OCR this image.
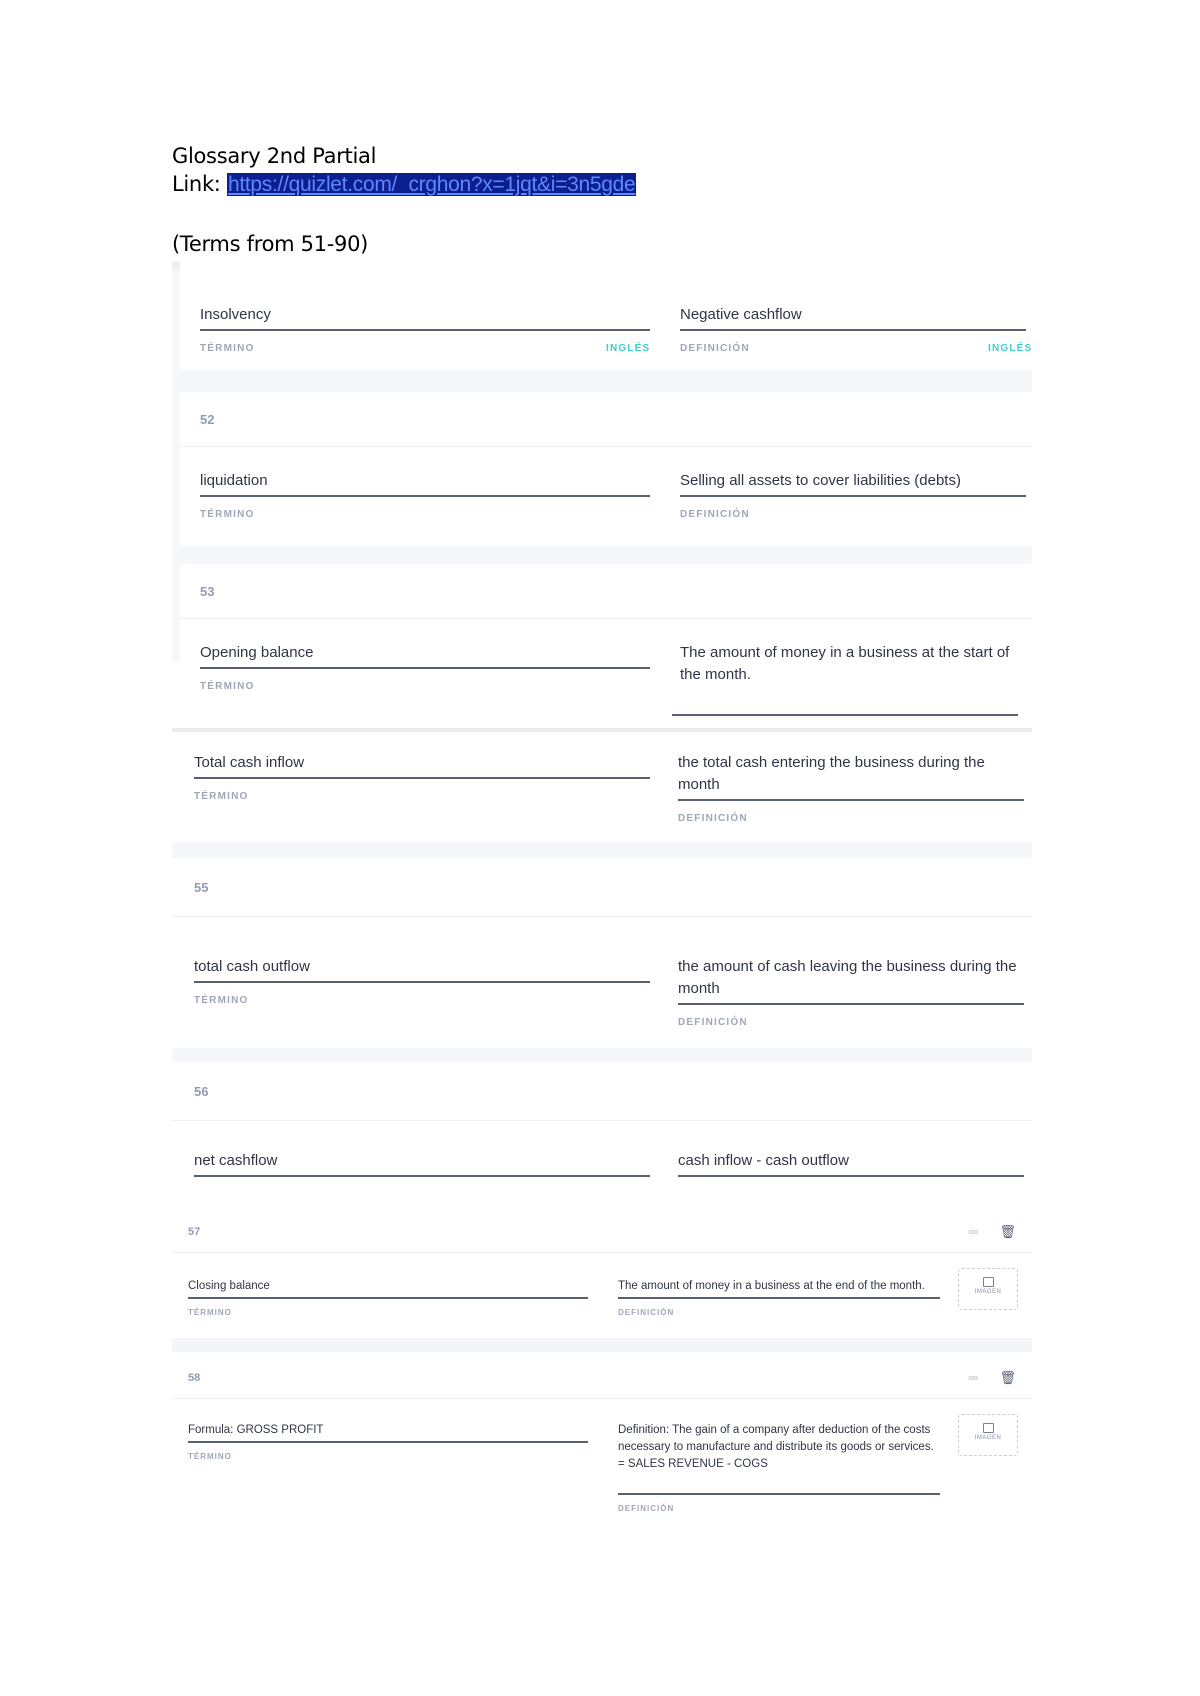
Glossary 2nd Partial
Link: https://quizlet.com/_crghon?x=1jqt&i=3n5gde
(Terms from 51-90)
Insolvency
TÉRMINO	INGLÉS
Negative cashflow
DEFINICIÓN	INGLÉS
52
liquidation
TÉRMINO
Selling all assets to cover liabilities (debts)
DEFINICIÓN
53
Opening balance
TÉRMINO
The amount of money in a business at the start of the month.
Total cash inflow
TÉRMINO
the total cash entering the business during the month
DEFINICIÓN
55
total cash outflow
TÉRMINO
the amount of cash leaving the business during the month
DEFINICIÓN
56
net cashflow	cash inflow - cash outflow
57	═ 🗑
Closing balance
TÉRMINO
The amount of money in a business at the end of the month.
DEFINICIÓN
IMAGEN
58	═ 🗑
Formula: GROSS PROFIT
TÉRMINO
Definition: The gain of a company after deduction of the costs necessary to manufacture and distribute its goods or services.
= SALES REVENUE - COGS
DEFINICIÓN
IMAGEN
